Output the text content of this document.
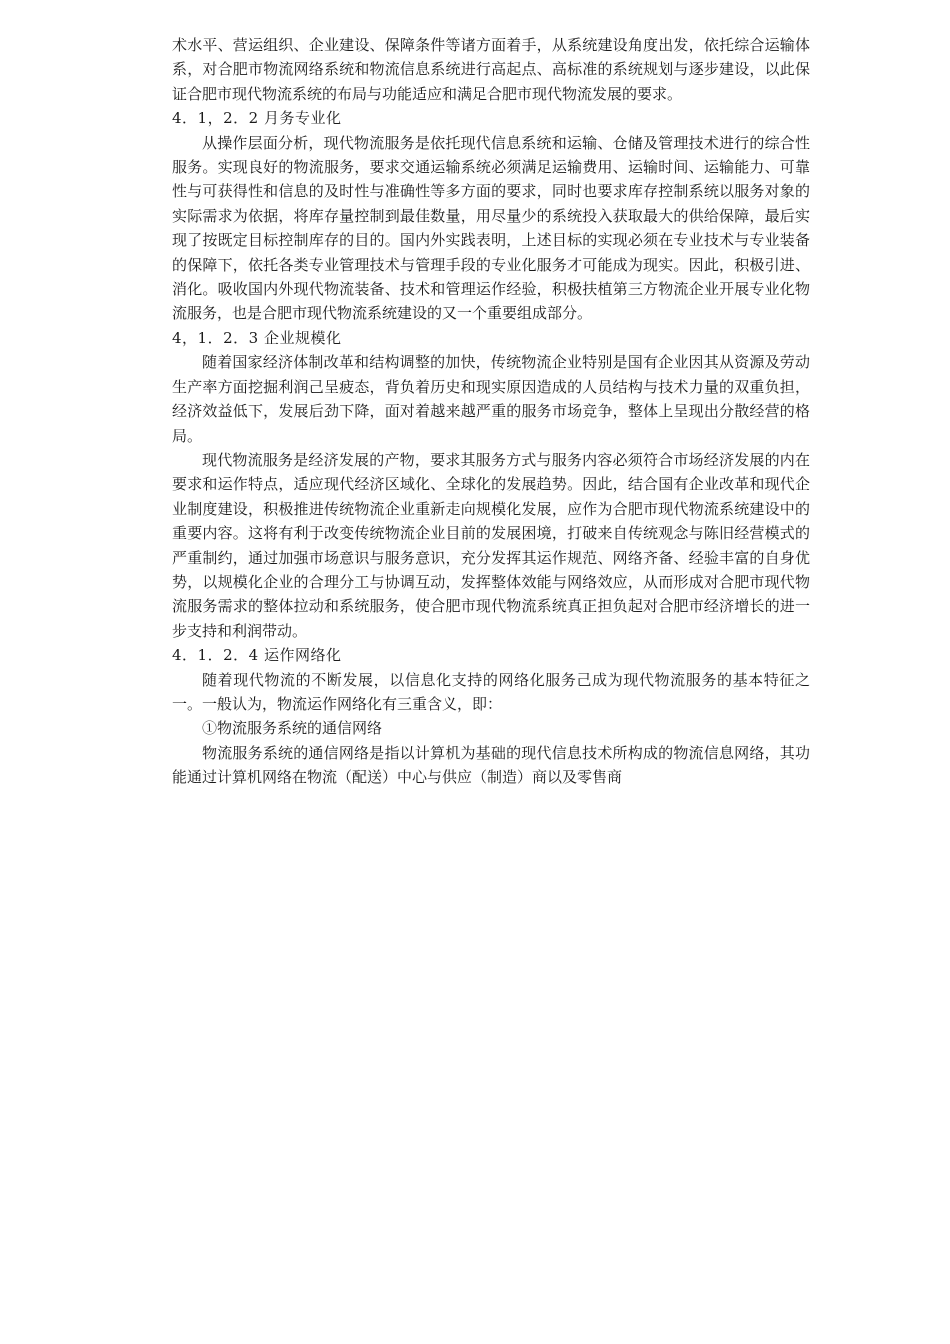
术水平、营运组织、企业建设、保障条件等诸方面着手，从系统建设角度出发，依托综合运输体系，对合肥市物流网络系统和物流信息系统进行高起点、高标准的系统规划与逐步建设，以此保证合肥市现代物流系统的布局与功能适应和满足合肥市现代物流发展的要求。

4．1，2．2 月务专业化

从操作层面分析，现代物流服务是依托现代信息系统和运输、仓储及管理技术进行的综合性服务。实现良好的物流服务，要求交通运输系统必须满足运输费用、运输时间、运输能力、可靠性与可获得性和信息的及时性与准确性等多方面的要求，同时也要求库存控制系统以服务对象的实际需求为依据，将库存量控制到最佳数量，用尽量少的系统投入获取最大的供给保障，最后实现了按既定目标控制库存的目的。国内外实践表明，上述目标的实现必须在专业技术与专业装备的保障下，依托各类专业管理技术与管理手段的专业化服务才可能成为现实。因此，积极引进、消化。吸收国内外现代物流装备、技术和管理运作经验，积极扶植第三方物流企业开展专业化物流服务，也是合肥市现代物流系统建设的又一个重要组成部分。

4，1．2．3 企业规模化

随着国家经济体制改革和结构调整的加快，传统物流企业特别是国有企业因其从资源及劳动生产率方面挖掘利润己呈疲态，背负着历史和现实原因造成的人员结构与技术力量的双重负担，经济效益低下，发展后劲下降，面对着越来越严重的服务市场竞争，整体上呈现出分散经营的格局。

现代物流服务是经济发展的产物，要求其服务方式与服务内容必须符合市场经济发展的内在要求和运作特点，适应现代经济区域化、全球化的发展趋势。因此，结合国有企业改革和现代企业制度建设，积极推进传统物流企业重新走向规模化发展，应作为合肥市现代物流系统建设中的重要内容。这将有利于改变传统物流企业目前的发展困境，打破来自传统观念与陈旧经营模式的严重制约，通过加强市场意识与服务意识，充分发挥其运作规范、网络齐备、经验丰富的自身优势，以规模化企业的合理分工与协调互动，发挥整体效能与网络效应，从而形成对合肥市现代物流服务需求的整体拉动和系统服务，使合肥市现代物流系统真正担负起对合肥市经济增长的进一步支持和利润带动。

4．1．2．4 运作网络化

随着现代物流的不断发展，以信息化支持的网络化服务己成为现代物流服务的基本特征之一。一般认为，物流运作网络化有三重含义，即：

①物流服务系统的通信网络

物流服务系统的通信网络是指以计算机为基础的现代信息技术所构成的物流信息网络，其功能通过计算机网络在物流（配送）中心与供应（制造）商以及零售商
